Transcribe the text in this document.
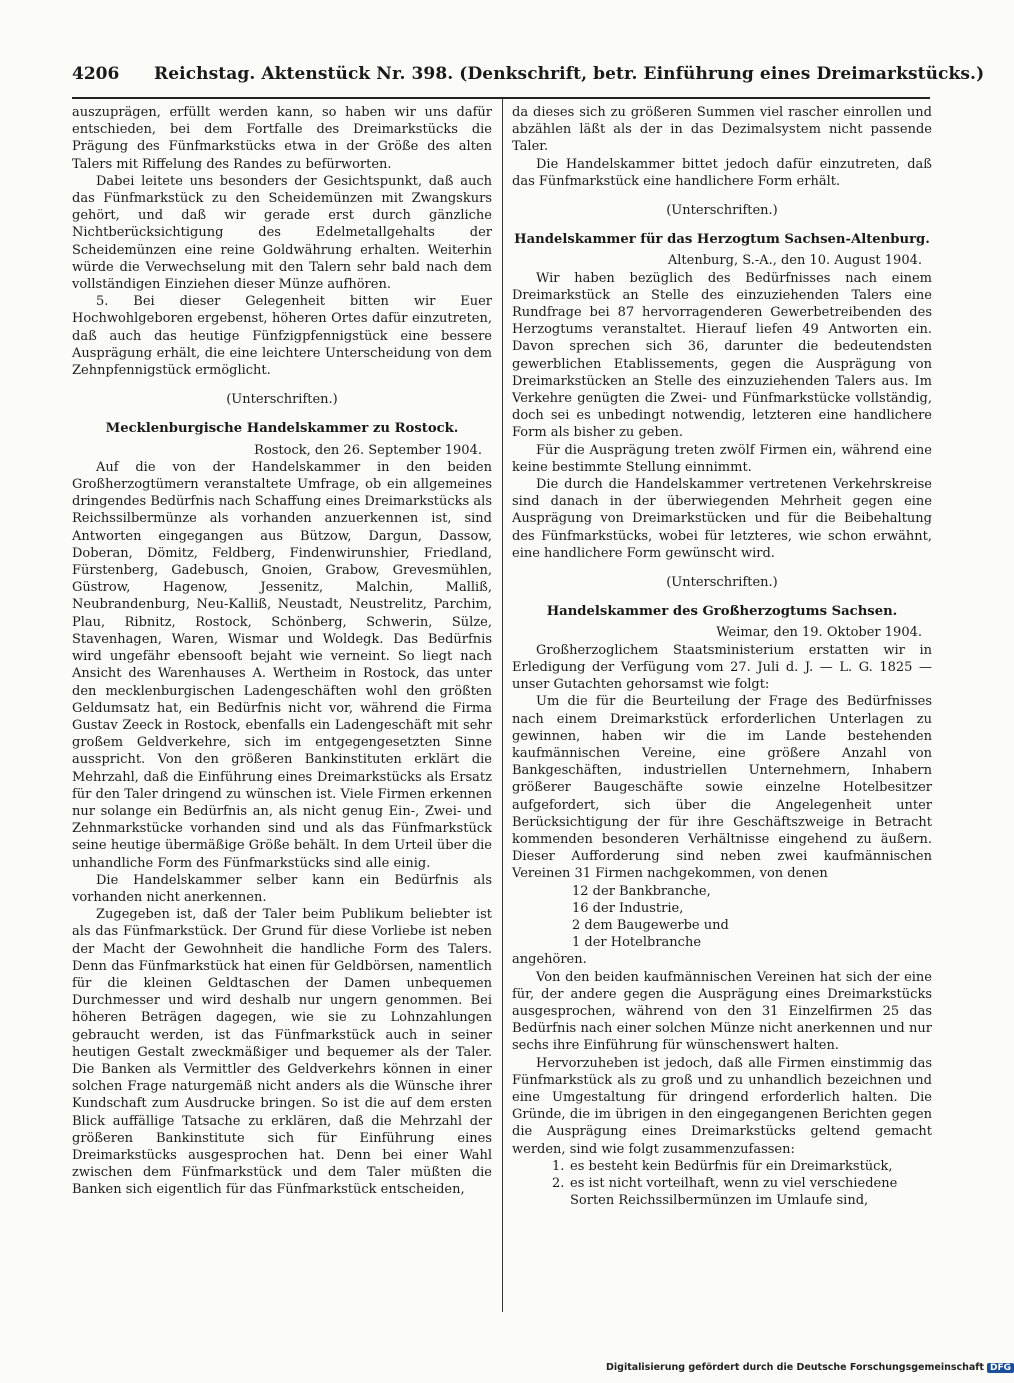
4206 Reichstag. Aktenstück Nr. 398. (Denkschrift, betr. Einführung eines Dreimarkstücks.)

auszuprägen, erfüllt werden kann, so haben wir uns dafür entschieden, bei dem Fortfalle des Dreimarkstücks die Prägung des Fünfmarkstücks etwa in der Größe des alten Talers mit Riffelung des Randes zu befürworten.

Dabei leitete uns besonders der Gesichtspunkt, daß auch das Fünfmarkstück zu den Scheidemünzen mit Zwangskurs gehört, und daß wir gerade erst durch gänzliche Nichtberücksichtigung des Edelmetallgehalts der Scheidemünzen eine reine Goldwährung erhalten. Weiterhin würde die Verwechselung mit den Talern sehr bald nach dem vollständigen Einziehen dieser Münze aufhören.

5. Bei dieser Gelegenheit bitten wir Euer Hochwohlgeboren ergebenst, höheren Ortes dafür einzutreten, daß auch das heutige Fünfzigpfennigstück eine bessere Ausprägung erhält, die eine leichtere Unterscheidung von dem Zehnpfennigstück ermöglicht.

(Unterschriften.)
Mecklenburgische Handelskammer zu Rostock.

Rostock, den 26. September 1904.

Auf die von der Handelskammer in den beiden Großherzogtümern veranstaltete Umfrage, ob ein allgemeines dringendes Bedürfnis nach Schaffung eines Dreimarkstücks als Reichssilbermünze als vorhanden anzuerkennen ist, sind Antworten eingegangen aus Bützow, Dargun, Dassow, Doberan, Dömitz, Feldberg, Findenwirunshier, Friedland, Fürstenberg, Gadebusch, Gnoien, Grabow, Grevesmühlen, Güstrow, Hagenow, Jessenitz, Malchin, Malliß, Neubrandenburg, Neu-Kalliß, Neustadt, Neustrelitz, Parchim, Plau, Ribnitz, Rostock, Schönberg, Schwerin, Sülze, Stavenhagen, Waren, Wismar und Woldegk. Das Bedürfnis wird ungefähr ebensooft bejaht wie verneint. So liegt nach Ansicht des Warenhauses A. Wertheim in Rostock, das unter den mecklenburgischen Ladengeschäften wohl den größten Geldumsatz hat, ein Bedürfnis nicht vor, während die Firma Gustav Zeeck in Rostock, ebenfalls ein Ladengeschäft mit sehr großem Geldverkehre, sich im entgegengesetzten Sinne ausspricht. Von den größeren Bankinstituten erklärt die Mehrzahl, daß die Einführung eines Dreimarkstücks als Ersatz für den Taler dringend zu wünschen ist. Viele Firmen erkennen nur solange ein Bedürfnis an, als nicht genug Ein-, Zwei- und Zehnmarkstücke vorhanden sind und als das Fünfmarkstück seine heutige übermäßige Größe behält. In dem Urteil über die unhandliche Form des Fünfmarkstücks sind alle einig.

Die Handelskammer selber kann ein Bedürfnis als vorhanden nicht anerkennen.

Zugegeben ist, daß der Taler beim Publikum beliebter ist als das Fünfmarkstück. Der Grund für diese Vorliebe ist neben der Macht der Gewohnheit die handliche Form des Talers. Denn das Fünfmarkstück hat einen für Geldbörsen, namentlich für die kleinen Geldtaschen der Damen unbequemen Durchmesser und wird deshalb nur ungern genommen. Bei höheren Beträgen dagegen, wie sie zu Lohnzahlungen gebraucht werden, ist das Fünfmarkstück auch in seiner heutigen Gestalt zweckmäßiger und bequemer als der Taler. Die Banken als Vermittler des Geldverkehrs können in einer solchen Frage naturgemäß nicht anders als die Wünsche ihrer Kundschaft zum Ausdrucke bringen. So ist die auf dem ersten Blick auffällige Tatsache zu erklären, daß die Mehrzahl der größeren Bankinstitute sich für Einführung eines Dreimarkstücks ausgesprochen hat. Denn bei einer Wahl zwischen dem Fünfmarkstück und dem Taler müßten die Banken sich eigentlich für das Fünfmarkstück entscheiden,

da dieses sich zu größeren Summen viel rascher einrollen und abzählen läßt als der in das Dezimalsystem nicht passende Taler.

Die Handelskammer bittet jedoch dafür einzutreten, daß das Fünfmarkstück eine handlichere Form erhält.

(Unterschriften.)
Handelskammer für das Herzogtum Sachsen-Altenburg.

Altenburg, S.-A., den 10. August 1904.

Wir haben bezüglich des Bedürfnisses nach einem Dreimarkstück an Stelle des einzuziehenden Talers eine Rundfrage bei 87 hervorragenderen Gewerbetreibenden des Herzogtums veranstaltet. Hierauf liefen 49 Antworten ein. Davon sprechen sich 36, darunter die bedeutendsten gewerblichen Etablissements, gegen die Ausprägung von Dreimarkstücken an Stelle des einzuziehenden Talers aus. Im Verkehre genügten die Zwei- und Fünfmarkstücke vollständig, doch sei es unbedingt notwendig, letzteren eine handlichere Form als bisher zu geben.

Für die Ausprägung treten zwölf Firmen ein, während eine keine bestimmte Stellung einnimmt.

Die durch die Handelskammer vertretenen Verkehrskreise sind danach in der überwiegenden Mehrheit gegen eine Ausprägung von Dreimarkstücken und für die Beibehaltung des Fünfmarkstücks, wobei für letzteres, wie schon erwähnt, eine handlichere Form gewünscht wird.

(Unterschriften.)
Handelskammer des Großherzogtums Sachsen.

Weimar, den 19. Oktober 1904.

Großherzoglichem Staatsministerium erstatten wir in Erledigung der Verfügung vom 27. Juli d. J. — L. G. 1825 — unser Gutachten gehorsamst wie folgt:

Um die für die Beurteilung der Frage des Bedürfnisses nach einem Dreimarkstück erforderlichen Unterlagen zu gewinnen, haben wir die im Lande bestehenden kaufmännischen Vereine, eine größere Anzahl von Bankgeschäften, industriellen Unternehmern, Inhabern größerer Baugeschäfte sowie einzelne Hotelbesitzer aufgefordert, sich über die Angelegenheit unter Berücksichtigung der für ihre Geschäftszweige in Betracht kommenden besonderen Verhältnisse eingehend zu äußern. Dieser Aufforderung sind neben zwei kaufmännischen Vereinen 31 Firmen nachgekommen, von denen

12 der Bankbranche,
16 der Industrie,
2 dem Baugewerbe und
1 der Hotelbranche

angehören.

Von den beiden kaufmännischen Vereinen hat sich der eine für, der andere gegen die Ausprägung eines Dreimarkstücks ausgesprochen, während von den 31 Einzelfirmen 25 das Bedürfnis nach einer solchen Münze nicht anerkennen und nur sechs ihre Einführung für wünschenswert halten.

Hervorzuheben ist jedoch, daß alle Firmen einstimmig das Fünfmarkstück als zu groß und zu unhandlich bezeichnen und eine Umgestaltung für dringend erforderlich halten. Die Gründe, die im übrigen in den eingegangenen Berichten gegen die Ausprägung eines Dreimarkstücks geltend gemacht werden, sind wie folgt zusammenzufassen:

1. es besteht kein Bedürfnis für ein Dreimarkstück,
2. es ist nicht vorteilhaft, wenn zu viel verschiedene
Sorten Reichssilbermünzen im Umlaufe sind,
Digitalisierung gefördert durch die Deutsche Forschungsgemeinschaft DFG
